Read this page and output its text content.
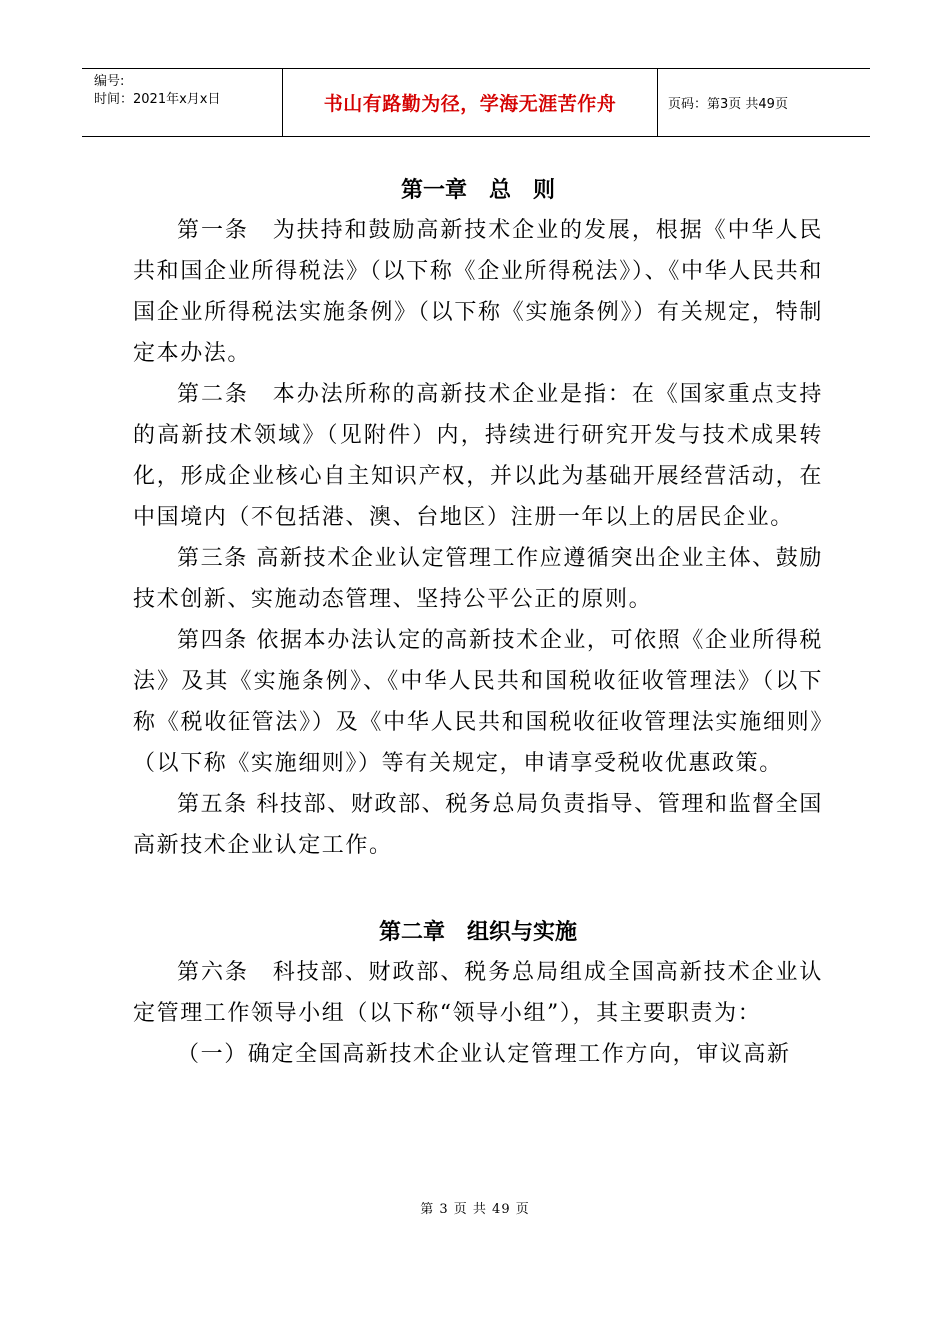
编号:
时间：2021年x月x日	书山有路勤为径，学海无涯苦作舟	页码：第3页 共49页
第一章　总　则

第一条　为扶持和鼓励高新技术企业的发展，根据《中华人民共和国企业所得税法》（以下称《企业所得税法》）、《中华人民共和国企业所得税法实施条例》（以下称《实施条例》）有关规定，特制定本办法。

第二条　本办法所称的高新技术企业是指：在《国家重点支持的高新技术领域》（见附件）内，持续进行研究开发与技术成果转化，形成企业核心自主知识产权，并以此为基础开展经营活动，在中国境内（不包括港、澳、台地区）注册一年以上的居民企业。

第三条 高新技术企业认定管理工作应遵循突出企业主体、鼓励技术创新、实施动态管理、坚持公平公正的原则。

第四条 依据本办法认定的高新技术企业，可依照《企业所得税法》及其《实施条例》、《中华人民共和国税收征收管理法》（以下称《税收征管法》）及《中华人民共和国税收征收管理法实施细则》（以下称《实施细则》）等有关规定，申请享受税收优惠政策。

第五条 科技部、财政部、税务总局负责指导、管理和监督全国高新技术企业认定工作。

第二章　组织与实施

第六条　科技部、财政部、税务总局组成全国高新技术企业认定管理工作领导小组（以下称“领导小组”），其主要职责为：

（一）确定全国高新技术企业认定管理工作方向，审议高新

第 3 页 共 49 页
